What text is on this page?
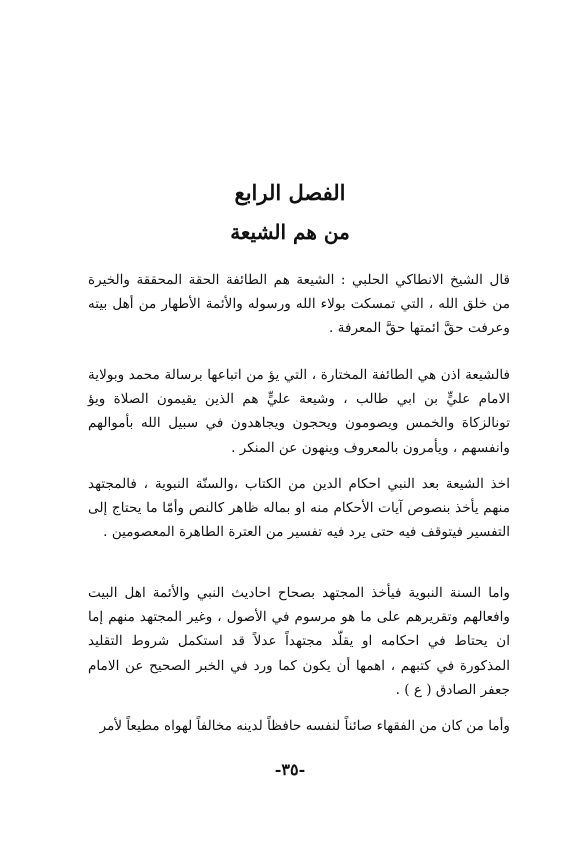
الفصل الرابع
من هم الشيعة

قال الشيخ الانطاكي الحلبي : الشيعة هم الطائفة الحقة المحققة والخيرة من خلق الله ، التي تمسكت بولاء الله ورسوله والأئمة الأطهار من أهل بيته وعرفت حقَّ ائمتها حقَّ المعرفة .

فالشيعة اذن هي الطائفة المختارة ، التي يؤ من اتباعها برسالة محمد وبولاية الامام عليٍّ بن ابي طالب ، وشيعة عليٍّ هم الذين يقيمون الصلاة ويؤ تونالزكاة والخمس ويصومون ويحجون ويجاهدون في سبيل الله بأموالهم وانفسهم ، ويأمرون بالمعروف وينهون عن المنكر .

اخذ الشيعة بعد النبي احكام الدين من الكتاب ،والسنّة النبوية ، فالمجتهد منهم يأخذ بنصوص آيات الأحكام منه او بماله ظاهر كالنص وأمّا ما يحتاج إلى التفسير فيتوقف فيه حتى يرد فيه تفسير من العترة الطاهرة المعصومين .

واما السنة النبوية فيأخذ المجتهد بصحاح احاديث النبي والأئمة اهل البيت وافعالهم وتقريرهم على ما هو مرسوم في الأصول ، وغير المجتهد منهم إما ان يحتاط في احكامه او يقلّد مجتهداً عدلاً قد استكمل شروط التقليد المذكورة في كتبهم ، اهمها أن يكون كما ورد في الخبر الصحيح عن الامام جعفر الصادق ( ع ) .

وأما من كان من الفقهاء صائناً لنفسه حافظاً لدينه مخالفاً لهواه مطيعاً لأمر

-٣٥-
